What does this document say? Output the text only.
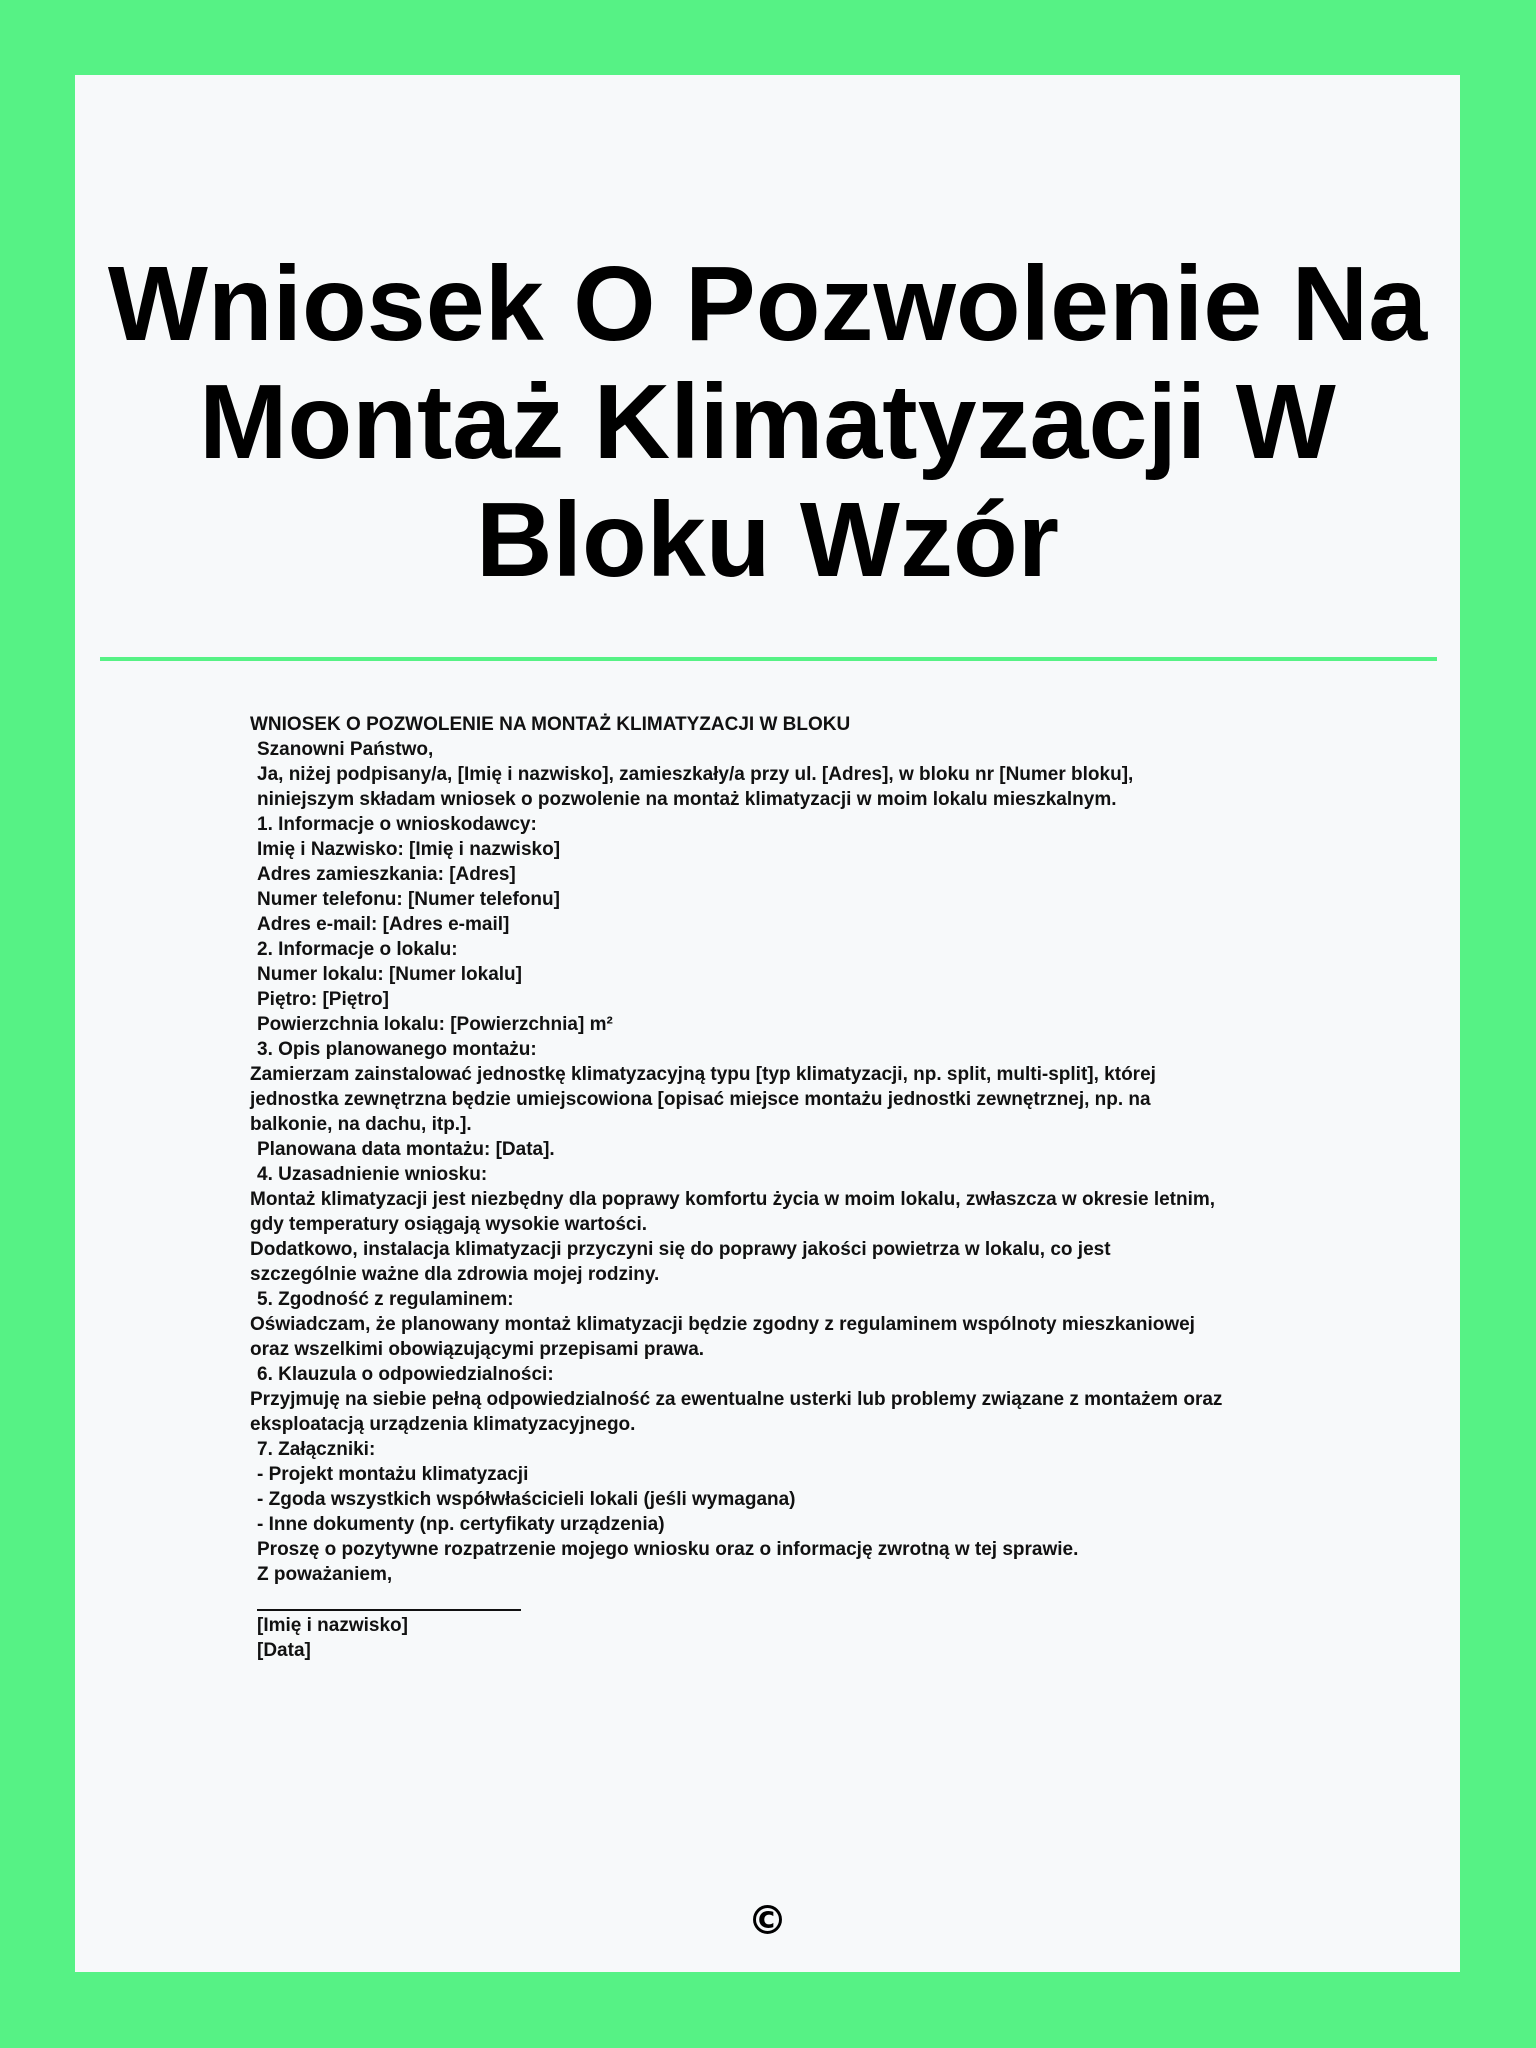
Wniosek O Pozwolenie Na Montaż Klimatyzacji W Bloku Wzór
WNIOSEK O POZWOLENIE NA MONTAŻ KLIMATYZACJI W BLOKU
Szanowni Państwo,
Ja, niżej podpisany/a, [Imię i nazwisko], zamieszkały/a przy ul. [Adres], w bloku nr [Numer bloku],
niniejszym składam wniosek o pozwolenie na montaż klimatyzacji w moim lokalu mieszkalnym.
1. Informacje o wnioskodawcy:
Imię i Nazwisko: [Imię i nazwisko]
Adres zamieszkania: [Adres]
Numer telefonu: [Numer telefonu]
Adres e-mail: [Adres e-mail]
2. Informacje o lokalu:
Numer lokalu: [Numer lokalu]
Piętro: [Piętro]
Powierzchnia lokalu: [Powierzchnia] m²
3. Opis planowanego montażu:
Zamierzam zainstalować jednostkę klimatyzacyjną typu [typ klimatyzacji, np. split, multi-split], której
jednostka zewnętrzna będzie umiejscowiona [opisać miejsce montażu jednostki zewnętrznej, np. na
balkonie, na dachu, itp.].
Planowana data montażu: [Data].
4. Uzasadnienie wniosku:
Montaż klimatyzacji jest niezbędny dla poprawy komfortu życia w moim lokalu, zwłaszcza w okresie letnim,
gdy temperatury osiągają wysokie wartości.
Dodatkowo, instalacja klimatyzacji przyczyni się do poprawy jakości powietrza w lokalu, co jest
szczególnie ważne dla zdrowia mojej rodziny.
5. Zgodność z regulaminem:
Oświadczam, że planowany montaż klimatyzacji będzie zgodny z regulaminem wspólnoty mieszkaniowej
oraz wszelkimi obowiązującymi przepisami prawa.
6. Klauzula o odpowiedzialności:
Przyjmuję na siebie pełną odpowiedzialność za ewentualne usterki lub problemy związane z montażem oraz
eksploatacją urządzenia klimatyzacyjnego.
7. Załączniki:
- Projekt montażu klimatyzacji
- Zgoda wszystkich współwłaścicieli lokali (jeśli wymagana)
- Inne dokumenty (np. certyfikaty urządzenia)
Proszę o pozytywne rozpatrzenie mojego wniosku oraz o informację zwrotną w tej sprawie.
Z poważaniem,
[Imię i nazwisko]
[Data]
©
